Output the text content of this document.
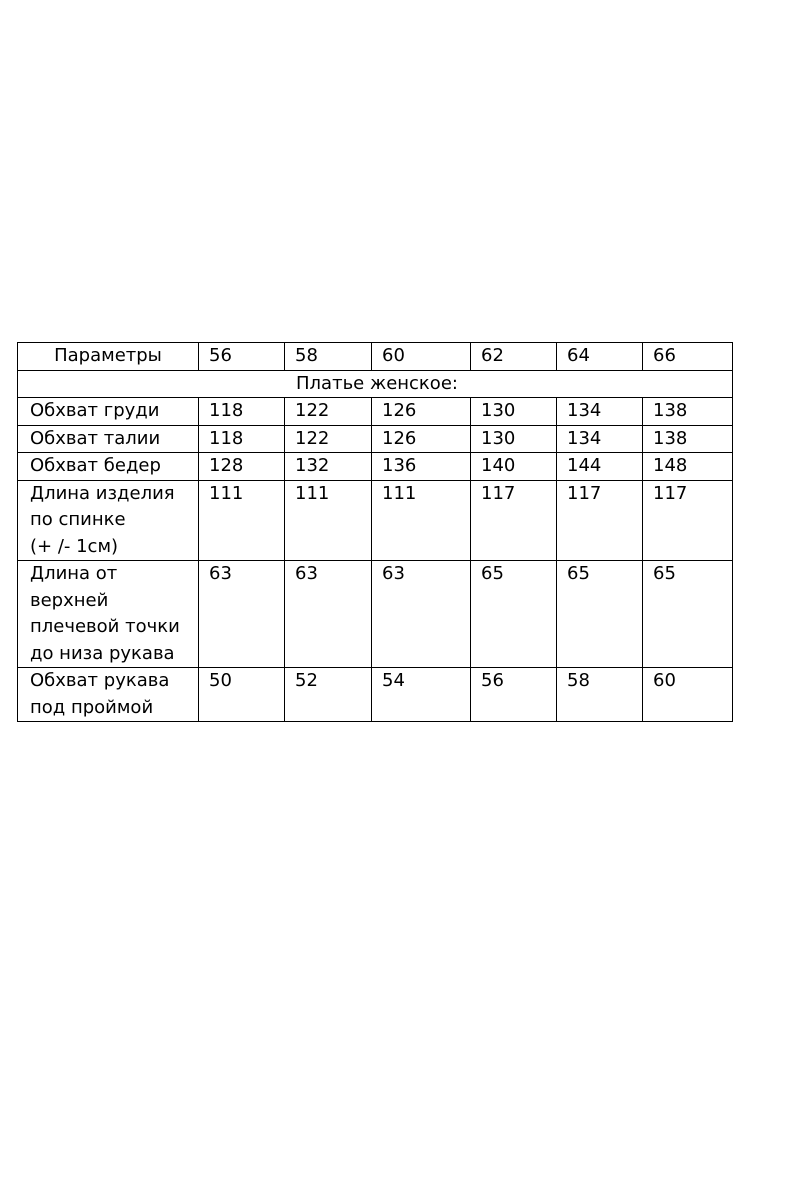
Параметры	56	58	60	62	64	66
Платье женское:						
Обхват груди	118	122	126	130	134	138
Обхват талии	118	122	126	130	134	138
Обхват бедер	128	132	136	140	144	148
Длина изделия
по спинке
(+ /- 1см)	111	111	111	117	117	117
Длина от
верхней
плечевой точки
до низа рукава	63	63	63	65	65	65
Обхват рукава
под проймой	50	52	54	56	58	60
